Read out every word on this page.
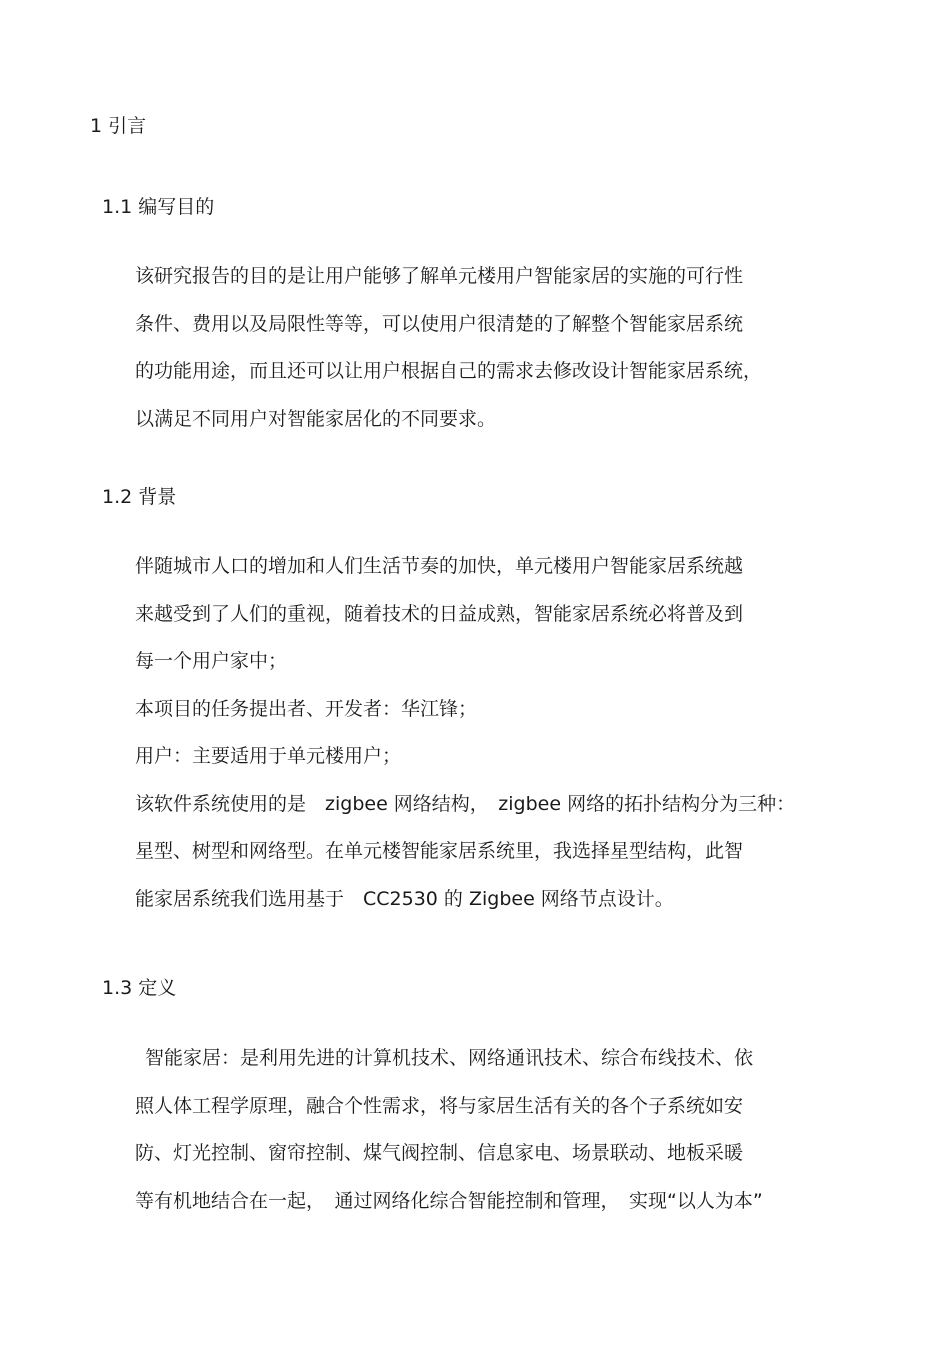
1 引言
1.1 编写目的
该研究报告的目的是让用户能够了解单元楼用户智能家居的实施的可行性
条件、费用以及局限性等等，可以使用户很清楚的了解整个智能家居系统
的功能用途，而且还可以让用户根据自己的需求去修改设计智能家居系统，
以满足不同用户对智能家居化的不同要求。
1.2 背景
伴随城市人口的增加和人们生活节奏的加快，单元楼用户智能家居系统越
来越受到了人们的重视，随着技术的日益成熟，智能家居系统必将普及到
每一个用户家中；
本项目的任务提出者、开发者：华江锋；
用户：主要适用于单元楼用户；
该软件系统使用的是　zigbee 网络结构，　zigbee 网络的拓扑结构分为三种：
星型、树型和网络型。在单元楼智能家居系统里，我选择星型结构，此智
能家居系统我们选用基于　CC2530 的 Zigbee 网络节点设计。
1.3 定义
智能家居：是利用先进的计算机技术、网络通讯技术、综合布线技术、依
照人体工程学原理，融合个性需求，将与家居生活有关的各个子系统如安
防、灯光控制、窗帘控制、煤气阀控制、信息家电、场景联动、地板采暖
等有机地结合在一起，　通过网络化综合智能控制和管理，　实现“以人为本”
